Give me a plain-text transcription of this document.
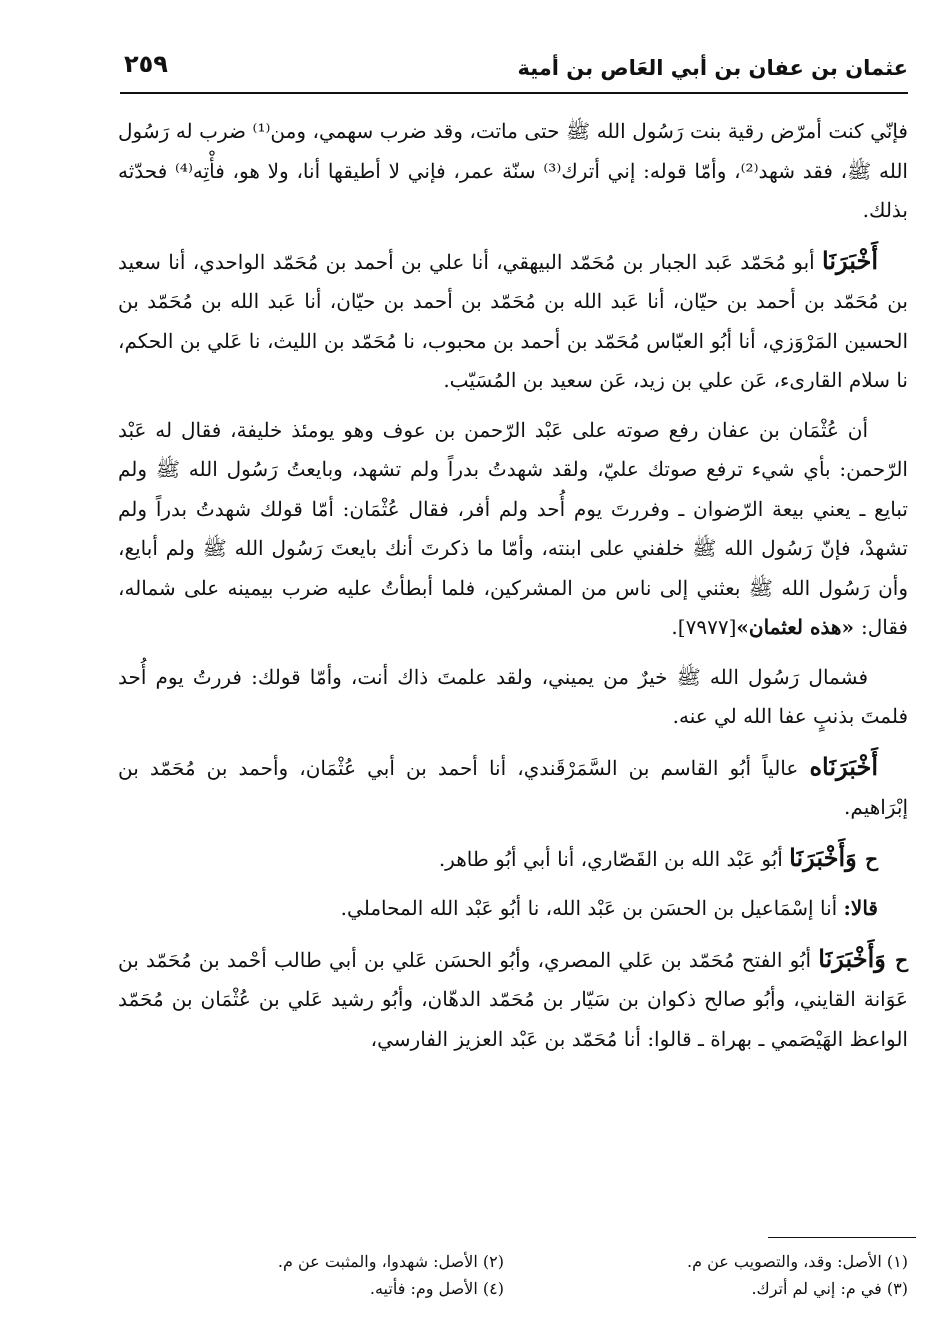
عثمان بن عفان بن أبي العَاص بن أمية
٢٥٩

فإنّي كنت أمرّض رقية بنت رَسُول الله ﷺ حتى ماتت، وقد ضرب سهمي، ومن⁽¹⁾ ضرب له رَسُول الله ﷺ، فقد شهد⁽²⁾، وأمّا قوله: إني أترك⁽³⁾ سنّة عمر، فإني لا أطيقها أنا، ولا هو، فأْتِه⁽⁴⁾ فحدّثه بذلك.

أَخْبَرَنَا أبو مُحَمّد عَبد الجبار بن مُحَمّد البيهقي، أنا علي بن أحمد بن مُحَمّد الواحدي، أنا سعيد بن مُحَمّد بن أحمد بن حيّان، أنا عَبد الله بن مُحَمّد بن أحمد بن حيّان، أنا عَبد الله بن مُحَمّد بن الحسين المَرْوَزي، أنا أبُو العبّاس مُحَمّد بن أحمد بن محبوب، نا مُحَمّد بن الليث، نا عَلي بن الحكم، نا سلام القارىء، عَن علي بن زيد، عَن سعيد بن المُسَيّب.

أن عُثْمَان بن عفان رفع صوته على عَبْد الرّحمن بن عوف وهو يومئذ خليفة، فقال له عَبْد الرّحمن: بأي شيء ترفع صوتك عليّ، ولقد شهدتُ بدراً ولم تشهد، وبايعتُ رَسُول الله ﷺ ولم تبايع ـ يعني بيعة الرّضوان ـ وفررتَ يوم أُحد ولم أفر، فقال عُثْمَان: أمّا قولك شهدتُ بدراً ولم تشهدْ، فإنّ رَسُول الله ﷺ خلفني على ابنته، وأمّا ما ذكرتَ أنك بايعتَ رَسُول الله ﷺ ولم أبايع، وأن رَسُول الله ﷺ بعثني إلى ناس من المشركين، فلما أبطأتُ عليه ضرب بيمينه على شماله، فقال: «هذه لعثمان»[٧٩٧٧].

فشمال رَسُول الله ﷺ خيرٌ من يميني، ولقد علمتَ ذاك أنت، وأمّا قولك: فررتُ يوم أُحد فلمتَ بذنبٍ عفا الله لي عنه.

أَخْبَرَنَاه عالياً أبُو القاسم بن السَّمَرْقَندي، أنا أحمد بن أبي عُثْمَان، وأحمد بن مُحَمّد بن إبْرَاهيم.

ح وَأَخْبَرَنَا أبُو عَبْد الله بن القَصّاري، أنا أبي أبُو طاهر.

قالا: أنا إسْمَاعيل بن الحسَن بن عَبْد الله، نا أبُو عَبْد الله المحاملي.

ح وَأَخْبَرَنَا أبُو الفتح مُحَمّد بن عَلي المصري، وأبُو الحسَن عَلي بن أبي طالب أحْمد بن مُحَمّد بن عَوَانة القايني، وأبُو صالح ذكوان بن سَيّار بن مُحَمّد الدهّان، وأبُو رشيد عَلي بن عُثْمَان بن مُحَمّد الواعظ الهَيْصَمي ـ بهراة ـ قالوا: أنا مُحَمّد بن عَبْد العزيز الفارسي،

(١) الأصل: وقد، والتصويب عن م.
(٢) الأصل: شهدوا، والمثبت عن م.
(٣) في م: إني لم أترك.
(٤) الأصل وم: فأتيه.
